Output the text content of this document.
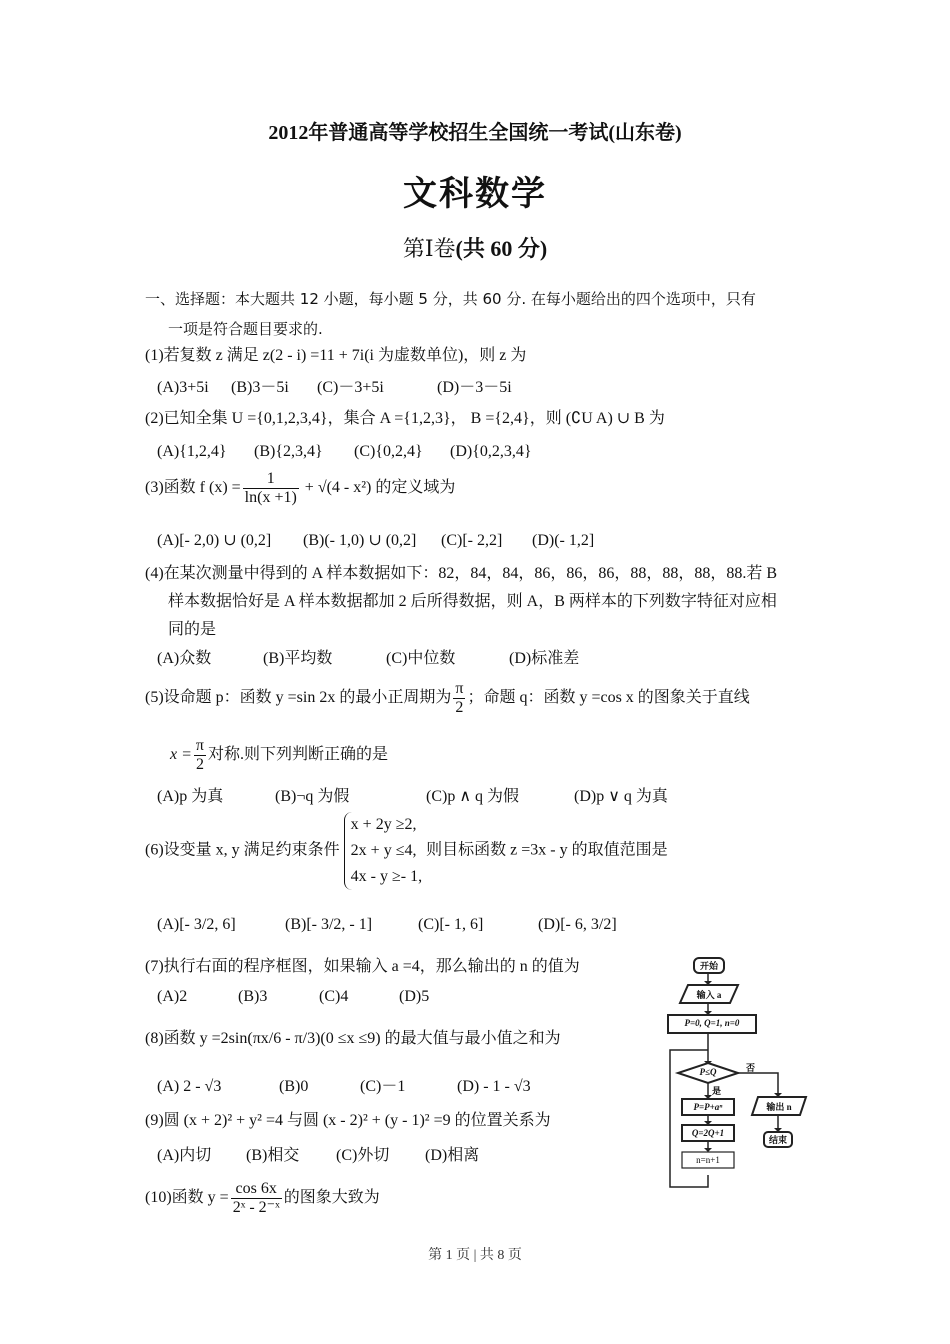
2012年普通高等学校招生全国统一考试(山东卷)
文科数学
第Ⅰ卷(共 60 分)
一、选择题：本大题共 12 小题，每小题 5 分，共 60 分. 在每小题给出的四个选项中，只有
一项是符合题目要求的.
(1)若复数 z 满足 z(2 - i) =11 + 7i(i 为虚数单位)，则 z 为
(A)3+5i (B)3－5i (C)－3+5i	(D)－3－5i
(2)已知全集 U ={0,1,2,3,4}，集合 A ={1,2,3}， B ={2,4}，则 (∁U A) ∪ B 为
(A){1,2,4} (B){2,3,4} (C){0,2,4} (D){0,2,3,4}
(3)函数 f $(x) = \frac{1}{\ln(x +1)} + √(4 - x^2)$ 的定义域为
(A)[- 2,0) ∪ (0,2] (B)(- 1,0) ∪ (0,2] (C)[- 2,2] (D)(- 1,2]
(4)在某次测量中得到的 A 样本数据如下：82，84，84，86，86，86，88，88，88，88.若 B
样本数据恰好是 A 样本数据都加 2 后所得数据，则 A，B 两样本的下列数字特征对应相
同的是
(A)众数	(B)平均数	(C)中位数	(D)标准差
(5)设命题 p：函数 y =sin 2x 的最小正周期为 $\frac{\pi}{2}$ ；命题 q：函数 y =cos x 的图象关于直线
$x = \frac{\pi}{2}$ 对称.则下列判断正确的是
(A)p 为真	(B)¬q 为假	(C)p ∧ q 为假	(D)p ∨ q 为真
(6)设变量 x, y 满足约束条件
x + 2y ≥2,
2x + y ≤4,
4x - y ≥- 1,
则目标函数 z =3x - y 的取值范围是
(A)[- 3/2, 6]	(B)[- 3/2, - 1]	(C)[- 1, 6]	(D)[- 6, 3/2]
(7)执行右面的程序框图，如果输入 a =4，那么输出的 n 的值为
(A)2	(B)3	(C)4	(D)5
(8)函数 y =2sin(πx/6 - π/3)(0 ≤x ≤9) 的最大值与最小值之和为
(A) 2 - √3	(B)0	(C)－1	(D) - 1 - √3
(9)圆 (x + 2)² + y² =4 与圆 (x - 2)² + (y - 1)² =9 的位置关系为
(A)内切 (B)相交 (C)外切 (D)相离
(10)函数 $y = \frac{\cos 6x}{\text{2ˣ - 2⁻ˣ}}$ 的图象大致为
开始
输入 a
P=0, Q=1, n=0
P≤Q	否
是
P=P+aⁿ
Q=2Q+1
n=n+1
输出 n
结束
第 1 页 | 共 8 页
